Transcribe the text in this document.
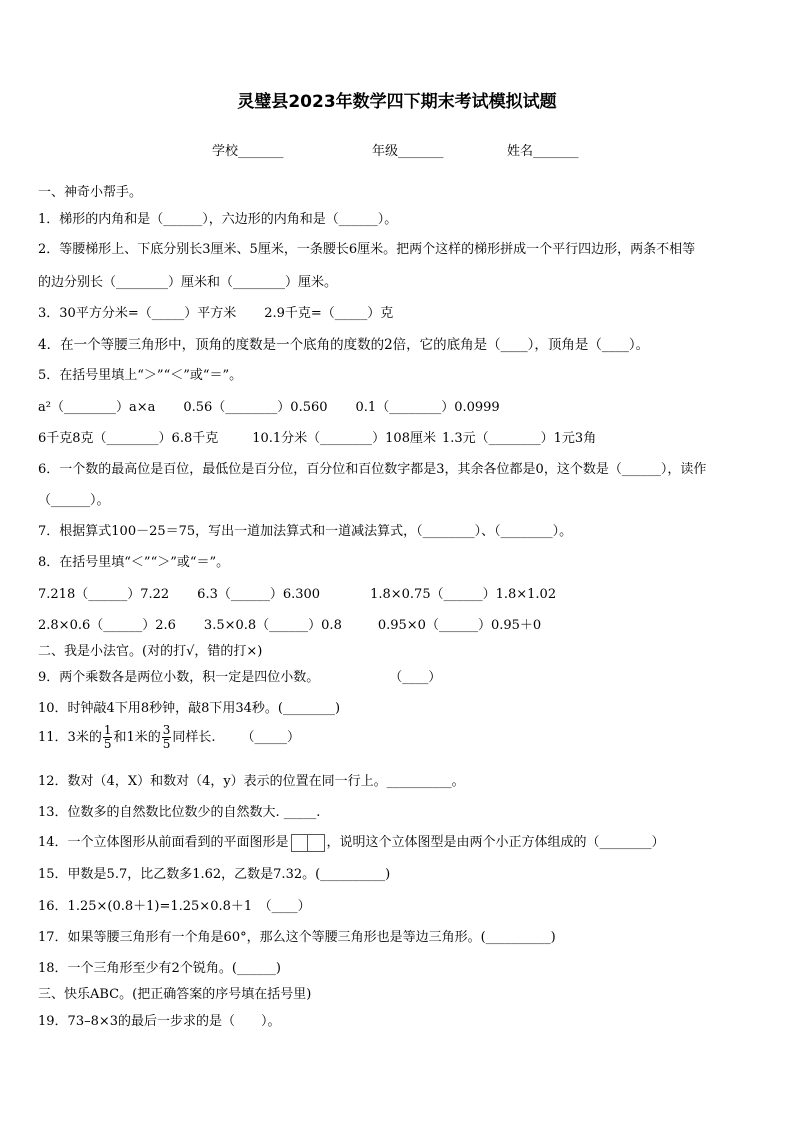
灵璧县2023年数学四下期末考试模拟试题
学校_______	年级_______	姓名_______
一、神奇小帮手。
1．梯形的内角和是（______），六边形的内角和是（______）。
2．等腰梯形上、下底分别长3厘米、5厘米，一条腰长6厘米。把两个这样的梯形拼成一个平行四边形，两条不相等
的边分别长（________）厘米和（________）厘米。
3．30平方分米=（_____）平方米 2.9千克=（_____）克
4．在一个等腰三角形中，顶角的度数是一个底角的度数的2倍，它的底角是（____），顶角是（____）。
5．在括号里填上“＞”“＜”或“＝”。
a²（________）a×a 0.56（________）0.560 0.1（________）0.0999
6千克8克（________）6.8千克	10.1分米（________）108厘米 1.3元（________）1元3角
6．一个数的最高位是百位，最低位是百分位，百分位和百位数字都是3，其余各位都是0，这个数是（______），读作
（______）。
7．根据算式100－25＝75，写出一道加法算式和一道减法算式，（________）、（________）。
8．在括号里填“＜”“＞”或“＝”。
7.218（______）7.22 6.3（______）6.300	1.8×0.75（______）1.8×1.02
2.8×0.6（______）2.6 3.5×0.8（______）0.8	0.95×0（______）0.95＋0
二、我是小法官。(对的打√，错的打×)
9．两个乘数各是两位小数，积一定是四位小数。	（____）
10．时钟敲4下用8秒钟，敲8下用34秒。(________)
11．3米的 $\frac{1}{5}$ 和1米的 $\frac{3}{5}$ 同样长. （_____）
12．数对（4，X）和数对（4，y）表示的位置在同一行上。__________。
13．位数多的自然数比位数少的自然数大. _____.
14．一个立体图形从前面看到的平面图形是	，说明这个立体图型是由两个小正方体组成的（________）
15．甲数是5.7，比乙数多1.62，乙数是7.32。(__________)
16．1.25×(0.8＋1)=1.25×0.8＋1　（____）
17．如果等腰三角形有一个角是60°，那么这个等腰三角形也是等边三角形。(__________)
18．一个三角形至少有2个锐角。(______)
三、快乐ABC。(把正确答案的序号填在括号里)
19．73–8×3的最后一步求的是（　　）。
